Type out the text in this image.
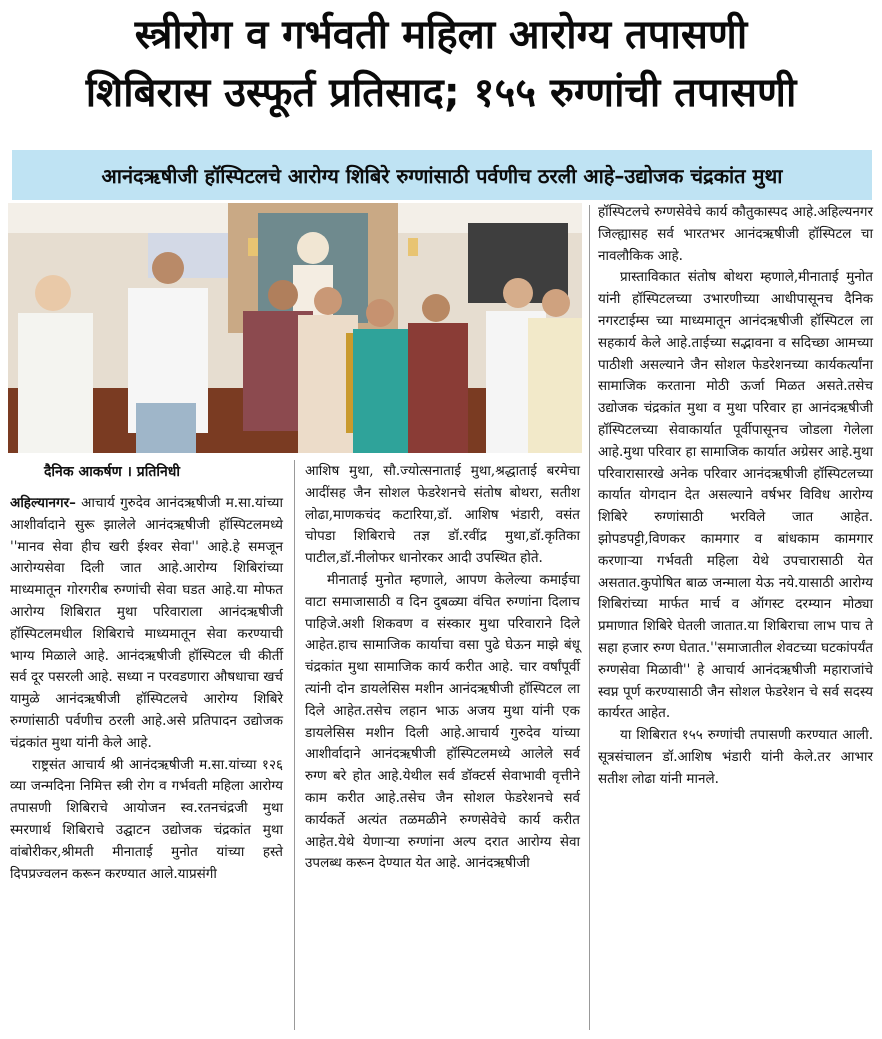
स्त्रीरोग व गर्भवती महिला आरोग्य तपासणी
शिबिरास उस्फूर्त प्रतिसाद; १५५ रुग्णांची तपासणी
आनंदऋषीजी हॉस्पिटलचे आरोग्य शिबिरे रुग्णांसाठी पर्वणीच ठरली आहे–उद्योजक चंद्रकांत मुथा
दैनिक आकर्षण । प्रतिनिधी

अहिल्यानगर– आचार्य गुरुदेव आनंदऋषीजी म.सा.यांच्या आशीर्वादाने सुरू झालेले आनंदऋषीजी हॉस्पिटलमध्ये ''मानव सेवा हीच खरी ईश्वर सेवा'' आहे.हे समजून आरोग्यसेवा दिली जात आहे.आरोग्य शिबिरांच्या माध्यमातून गोरगरीब रुग्णांची सेवा घडत आहे.या मोफत आरोग्य शिबिरात मुथा परिवाराला आनंदऋषीजी हॉस्पिटलमधील शिबिराचे माध्यमातून सेवा करण्याची भाग्य मिळाले आहे. आनंदऋषीजी हॉस्पिटल ची कीर्ती सर्व दूर पसरली आहे. सध्या न परवडणारा औषधाचा खर्च यामुळे आनंदऋषीजी हॉस्पिटलचे आरोग्य शिबिरे रुग्णांसाठी पर्वणीच ठरली आहे.असे प्रतिपादन उद्योजक चंद्रकांत मुथा यांनी केले आहे.

राष्ट्रसंत आचार्य श्री आनंदऋषीजी म.सा.यांच्या १२६ व्या जन्मदिना निमित्त स्त्री रोग व गर्भवती महिला आरोग्य तपासणी शिबिराचे आयोजन स्व.रतनचंद्रजी मुथा स्मरणार्थ शिबिराचे उद्घाटन उद्योजक चंद्रकांत मुथा वांबोरीकर,श्रीमती मीनाताई मुनोत यांच्या हस्ते दिपप्रज्वलन करून करण्यात आले.याप्रसंगी

आशिष मुथा, सौ.ज्योत्सनाताई मुथा,श्रद्धाताई बरमेचा आदींसह जैन सोशल फेडरेशनचे संतोष बोथरा, सतीश लोढा,माणकचंद कटारिया,डॉ. आशिष भंडारी, वसंत चोपडा शिबिराचे तज्ञ डॉ.रवींद्र मुथा,डॉ.कृतिका पाटील,डॉ.नीलोफर धानोरकर आदी उपस्थित होते.

मीनाताई मुनोत म्हणाले, आपण केलेल्या कमाईचा वाटा समाजासाठी व दिन दुबळ्या वंचित रुग्णांना दिलाच पाहिजे.अशी शिकवण व संस्कार मुथा परिवाराने दिले आहेत.हाच सामाजिक कार्याचा वसा पुढे घेऊन माझे बंधू चंद्रकांत मुथा सामाजिक कार्य करीत आहे. चार वर्षांपूर्वी त्यांनी दोन डायलेसिस मशीन आनंदऋषीजी हॉस्पिटल ला दिले आहेत.तसेच लहान भाऊ अजय मुथा यांनी एक डायलेसिस मशीन दिली आहे.आचार्य गुरुदेव यांच्या आशीर्वादाने आनंदऋषीजी हॉस्पिटलमध्ये आलेले सर्व रुग्ण बरे होत आहे.येथील सर्व डॉक्टर्स सेवाभावी वृत्तीने काम करीत आहे.तसेच जैन सोशल फेडरेशनचे सर्व कार्यकर्ते अत्यंत तळमळीने रुग्णसेवेचे कार्य करीत आहेत.येथे येणाऱ्या रुग्णांना अल्प दरात आरोग्य सेवा उपलब्ध करून देण्यात येत आहे. आनंदऋषीजी

हॉस्पिटलचे रुग्णसेवेचे कार्य कौतुकास्पद आहे.अहिल्यनगर जिल्ह्यासह सर्व भारतभर आनंदऋषीजी हॉस्पिटल चा नावलौकिक आहे.

प्रास्ताविकात संतोष बोथरा म्हणाले,मीनाताई मुनोत यांनी हॉस्पिटलच्या उभारणीच्या आधीपासूनच दैनिक नगरटाईम्स च्या माध्यमातून आनंदऋषीजी हॉस्पिटल ला सहकार्य केले आहे.ताईच्या सद्भावना व सदिच्छा आमच्या पाठीशी असल्याने जैन सोशल फेडरेशनच्या कार्यकर्त्यांना सामाजिक करताना मोठी ऊर्जा मिळत असते.तसेच उद्योजक चंद्रकांत मुथा व मुथा परिवार हा आनंदऋषीजी हॉस्पिटलच्या सेवाकार्यात पूर्वीपासूनच जोडला गेलेला आहे.मुथा परिवार हा सामाजिक कार्यात अग्रेसर आहे.मुथा परिवारासारखे अनेक परिवार आनंदऋषीजी हॉस्पिटलच्या कार्यात योगदान देत असल्याने वर्षभर विविध आरोग्य शिबिरे रुग्णांसाठी भरविले जात आहेत. झोपडपट्टी,विणकर कामगार व बांधकाम कामगार करणाऱ्या गर्भवती महिला येथे उपचारासाठी येत असतात.कुपोषित बाळ जन्माला येऊ नये.यासाठी आरोग्य शिबिरांच्या मार्फत मार्च व ऑगस्ट दरम्यान मोठ्या प्रमाणात शिबिरे घेतली जातात.या शिबिराचा लाभ पाच ते सहा हजार रुग्ण घेतात.''समाजातील शेवटच्या घटकांपर्यंत रुग्णसेवा मिळावी'' हे आचार्य आनंदऋषीजी महाराजांचे स्वप्न पूर्ण करण्यासाठी जैन सोशल फेडरेशन चे सर्व सदस्य कार्यरत आहेत.

या शिबिरात १५५ रुग्णांची तपासणी करण्यात आली. सूत्रसंचालन डॉ.आशिष भंडारी यांनी केले.तर आभार सतीश लोढा यांनी मानले.
